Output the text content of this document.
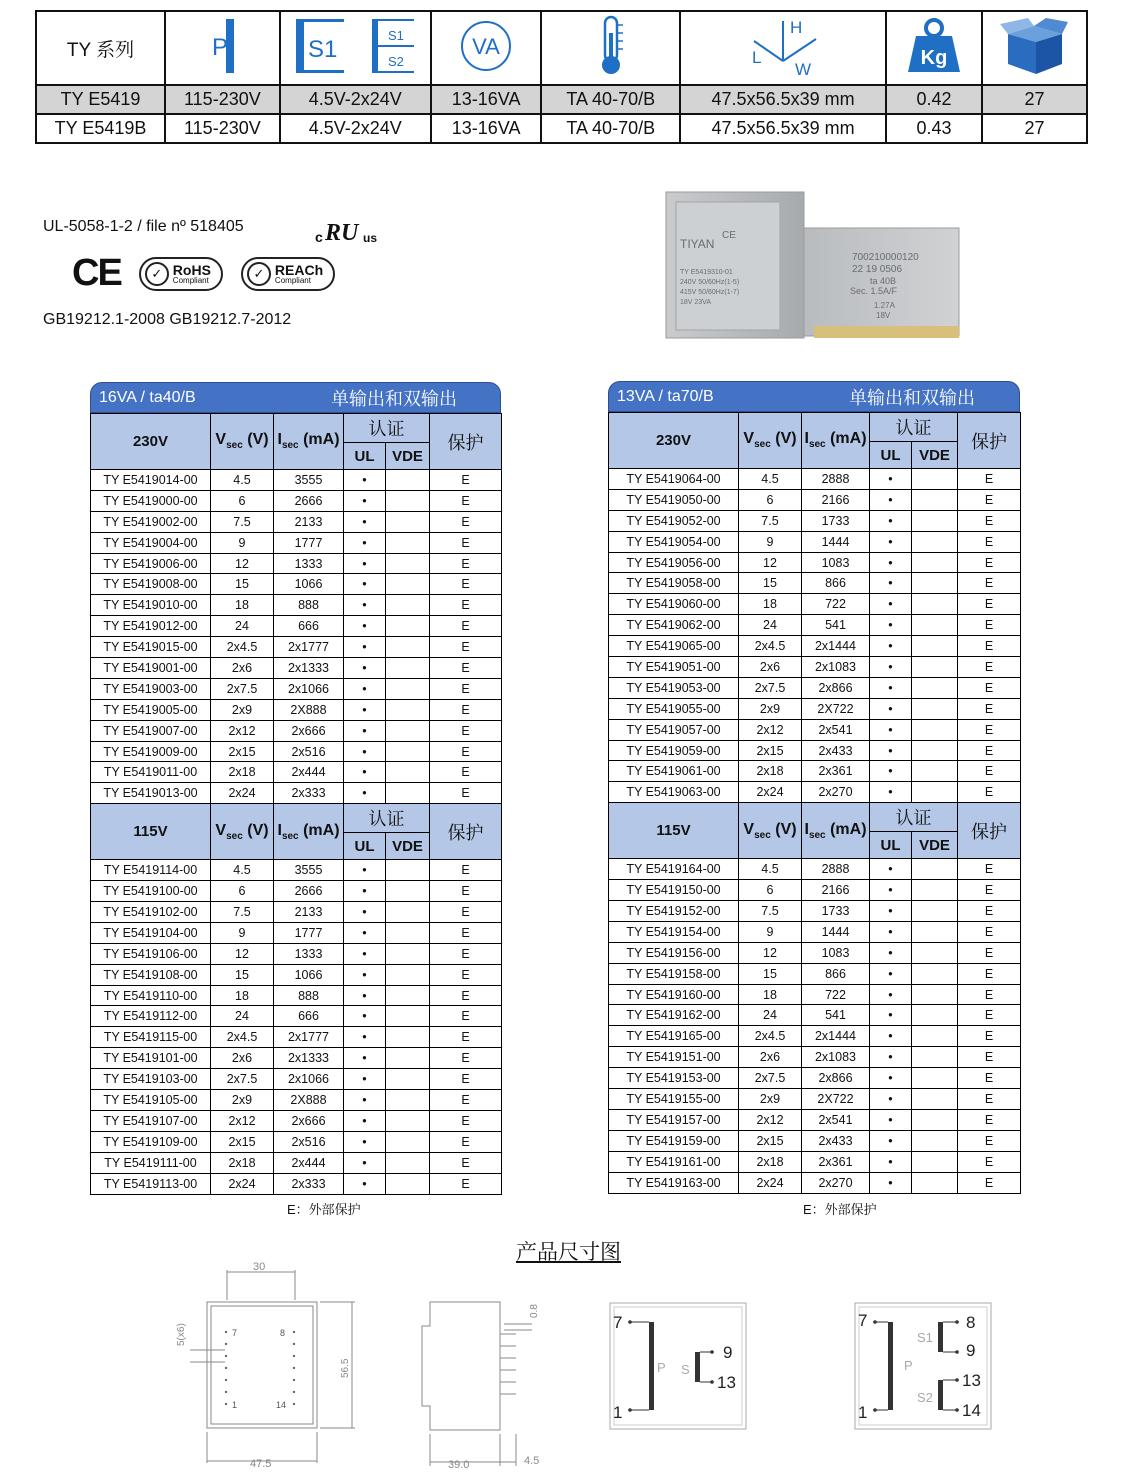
TY 系列	P	S1
S1
S2	VA		H
L
W	Kg

TY E5419	115-230V	4.5V-2x24V	13-16VA	TA 40-70/B	47.5x56.5x39 mm	0.42	27
TY E5419B	115-230V	4.5V-2x24V	13-16VA	TA 40-70/B	47.5x56.5x39 mm	0.43	27
UL-5058-1-2 / file nº 518405
c RU us
CE	✓ RoHS
Compliant	✓ REACh
Compliant
GB19212.1-2008 GB19212.7-2012
TIYAN
CE
TY E5419310-01
240V 50/60Hz(1-5)
415V 50/60Hz(1-7)
18V 23VA
700210000120
22 19 0506
ta 40B
Sec. 1.5A/F
1.27A
18V
16VA / ta40/B	单输出和双输出
230V	$V_{sec}$ (V)	$I_{sec}$ (mA)	认证		保护
			UL	VDE	
TY E5419014-00	4.5	3555	•		E
TY E5419000-00	6	2666	•		E
TY E5419002-00	7.5	2133	•		E
TY E5419004-00	9	1777	•		E
TY E5419006-00	12	1333	•		E
TY E5419008-00	15	1066	•		E
TY E5419010-00	18	888	•		E
TY E5419012-00	24	666	•		E
TY E5419015-00	2x4.5	2x1777	•		E
TY E5419001-00	2x6	2x1333	•		E
TY E5419003-00	2x7.5	2x1066	•		E
TY E5419005-00	2x9	2X888	•		E
TY E5419007-00	2x12	2x666	•		E
TY E5419009-00	2x15	2x516	•		E
TY E5419011-00	2x18	2x444	•		E
TY E5419013-00	2x24	2x333	•		E
115V	$V_{sec}$ (V)	$I_{sec}$ (mA)	认证		保护
			UL	VDE	
TY E5419114-00	4.5	3555	•		E
TY E5419100-00	6	2666	•		E
TY E5419102-00	7.5	2133	•		E
TY E5419104-00	9	1777	•		E
TY E5419106-00	12	1333	•		E
TY E5419108-00	15	1066	•		E
TY E5419110-00	18	888	•		E
TY E5419112-00	24	666	•		E
TY E5419115-00	2x4.5	2x1777	•		E
TY E5419101-00	2x6	2x1333	•		E
TY E5419103-00	2x7.5	2x1066	•		E
TY E5419105-00	2x9	2X888	•		E
TY E5419107-00	2x12	2x666	•		E
TY E5419109-00	2x15	2x516	•		E
TY E5419111-00	2x18	2x444	•		E
TY E5419113-00	2x24	2x333	•		E
E：外部保护
13VA / ta70/B	单输出和双输出
230V	$V_{sec}$ (V)	$I_{sec}$ (mA)	认证		保护
			UL	VDE	
TY E5419064-00	4.5	2888	•		E
TY E5419050-00	6	2166	•		E
TY E5419052-00	7.5	1733	•		E
TY E5419054-00	9	1444	•		E
TY E5419056-00	12	1083	•		E
TY E5419058-00	15	866	•		E
TY E5419060-00	18	722	•		E
TY E5419062-00	24	541	•		E
TY E5419065-00	2x4.5	2x1444	•		E
TY E5419051-00	2x6	2x1083	•		E
TY E5419053-00	2x7.5	2x866	•		E
TY E5419055-00	2x9	2X722	•		E
TY E5419057-00	2x12	2x541	•		E
TY E5419059-00	2x15	2x433	•		E
TY E5419061-00	2x18	2x361	•		E
TY E5419063-00	2x24	2x270	•		E
115V	$V_{sec}$ (V)	$I_{sec}$ (mA)	认证		保护
			UL	VDE	
TY E5419164-00	4.5	2888	•		E
TY E5419150-00	6	2166	•		E
TY E5419152-00	7.5	1733	•		E
TY E5419154-00	9	1444	•		E
TY E5419156-00	12	1083	•		E
TY E5419158-00	15	866	•		E
TY E5419160-00	18	722	•		E
TY E5419162-00	24	541	•		E
TY E5419165-00	2x4.5	2x1444	•		E
TY E5419151-00	2x6	2x1083	•		E
TY E5419153-00	2x7.5	2x866	•		E
TY E5419155-00	2x9	2X722	•		E
TY E5419157-00	2x12	2x541	•		E
TY E5419159-00	2x15	2x433	•		E
TY E5419161-00	2x18	2x361	•		E
TY E5419163-00	2x24	2x270	•		E
E：外部保护
产品尺寸图
30
5(x6)
56.5
47.5
7	8
1	14
0.8
39.0	4.5
7
1
9
13
P S
7
1
8
9
13
14
P
S1
S2
